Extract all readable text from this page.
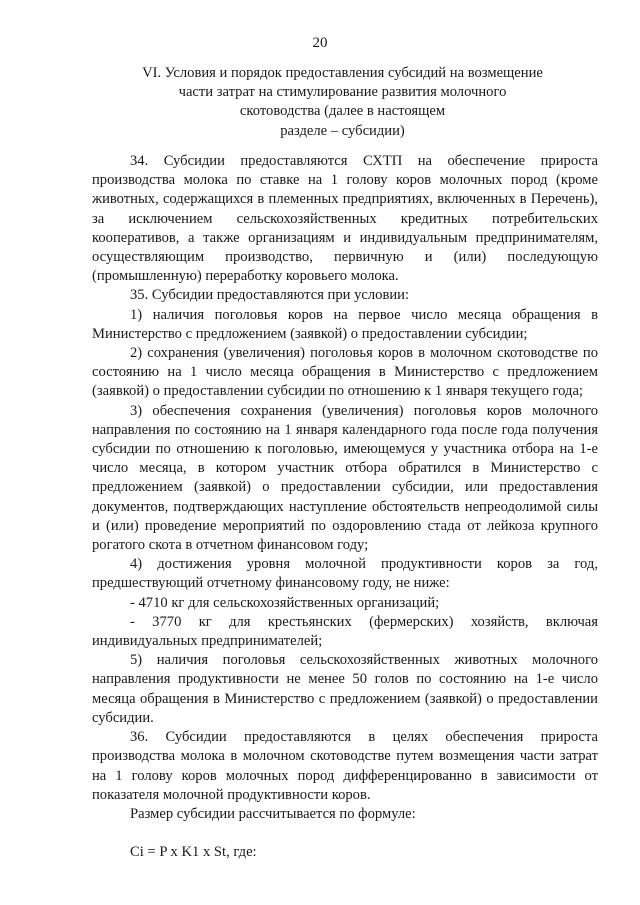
20
VI. Условия и порядок предоставления субсидий на возмещение
части затрат на стимулирование развития молочного
скотоводства (далее в настоящем
разделе – субсидии)

34. Субсидии предоставляются СХТП на обеспечение прироста производства молока по ставке на 1 голову коров молочных пород (кроме животных, содержащихся в племенных предприятиях, включенных в Перечень), за исключением сельскохозяйственных кредитных потребительских кооперативов, а также организациям и индивидуальным предпринимателям, осуществляющим производство, первичную и (или) последующую (промышленную) переработку коровьего молока.

35. Субсидии предоставляются при условии:

1) наличия поголовья коров на первое число месяца обращения в Министерство с предложением (заявкой) о предоставлении субсидии;

2) сохранения (увеличения) поголовья коров в молочном скотоводстве по состоянию на 1 число месяца обращения в Министерство с предложением (заявкой) о предоставлении субсидии по отношению к 1 января текущего года;

3) обеспечения сохранения (увеличения) поголовья коров молочного направления по состоянию на 1 января календарного года после года получения субсидии по отношению к поголовью, имеющемуся у участника отбора на 1-е число месяца, в котором участник отбора обратился в Министерство с предложением (заявкой) о предоставлении субсидии, или предоставления документов, подтверждающих наступление обстоятельств непреодолимой силы и (или) проведение мероприятий по оздоровлению стада от лейкоза крупного рогатого скота в отчетном финансовом году;

4) достижения уровня молочной продуктивности коров за год, предшествующий отчетному финансовому году, не ниже:

- 4710 кг для сельскохозяйственных организаций;

- 3770 кг для крестьянских (фермерских) хозяйств, включая индивидуальных предпринимателей;

5) наличия поголовья сельскохозяйственных животных молочного направления продуктивности не менее 50 голов по состоянию на 1-е число месяца обращения в Министерство с предложением (заявкой) о предоставлении субсидии.

36. Субсидии предоставляются в целях обеспечения прироста производства молока в молочном скотоводстве путем возмещения части затрат на 1 голову коров молочных пород дифференцированно в зависимости от показателя молочной продуктивности коров.

Размер субсидии рассчитывается по формуле:

Ci = P x K1 x St, где:
